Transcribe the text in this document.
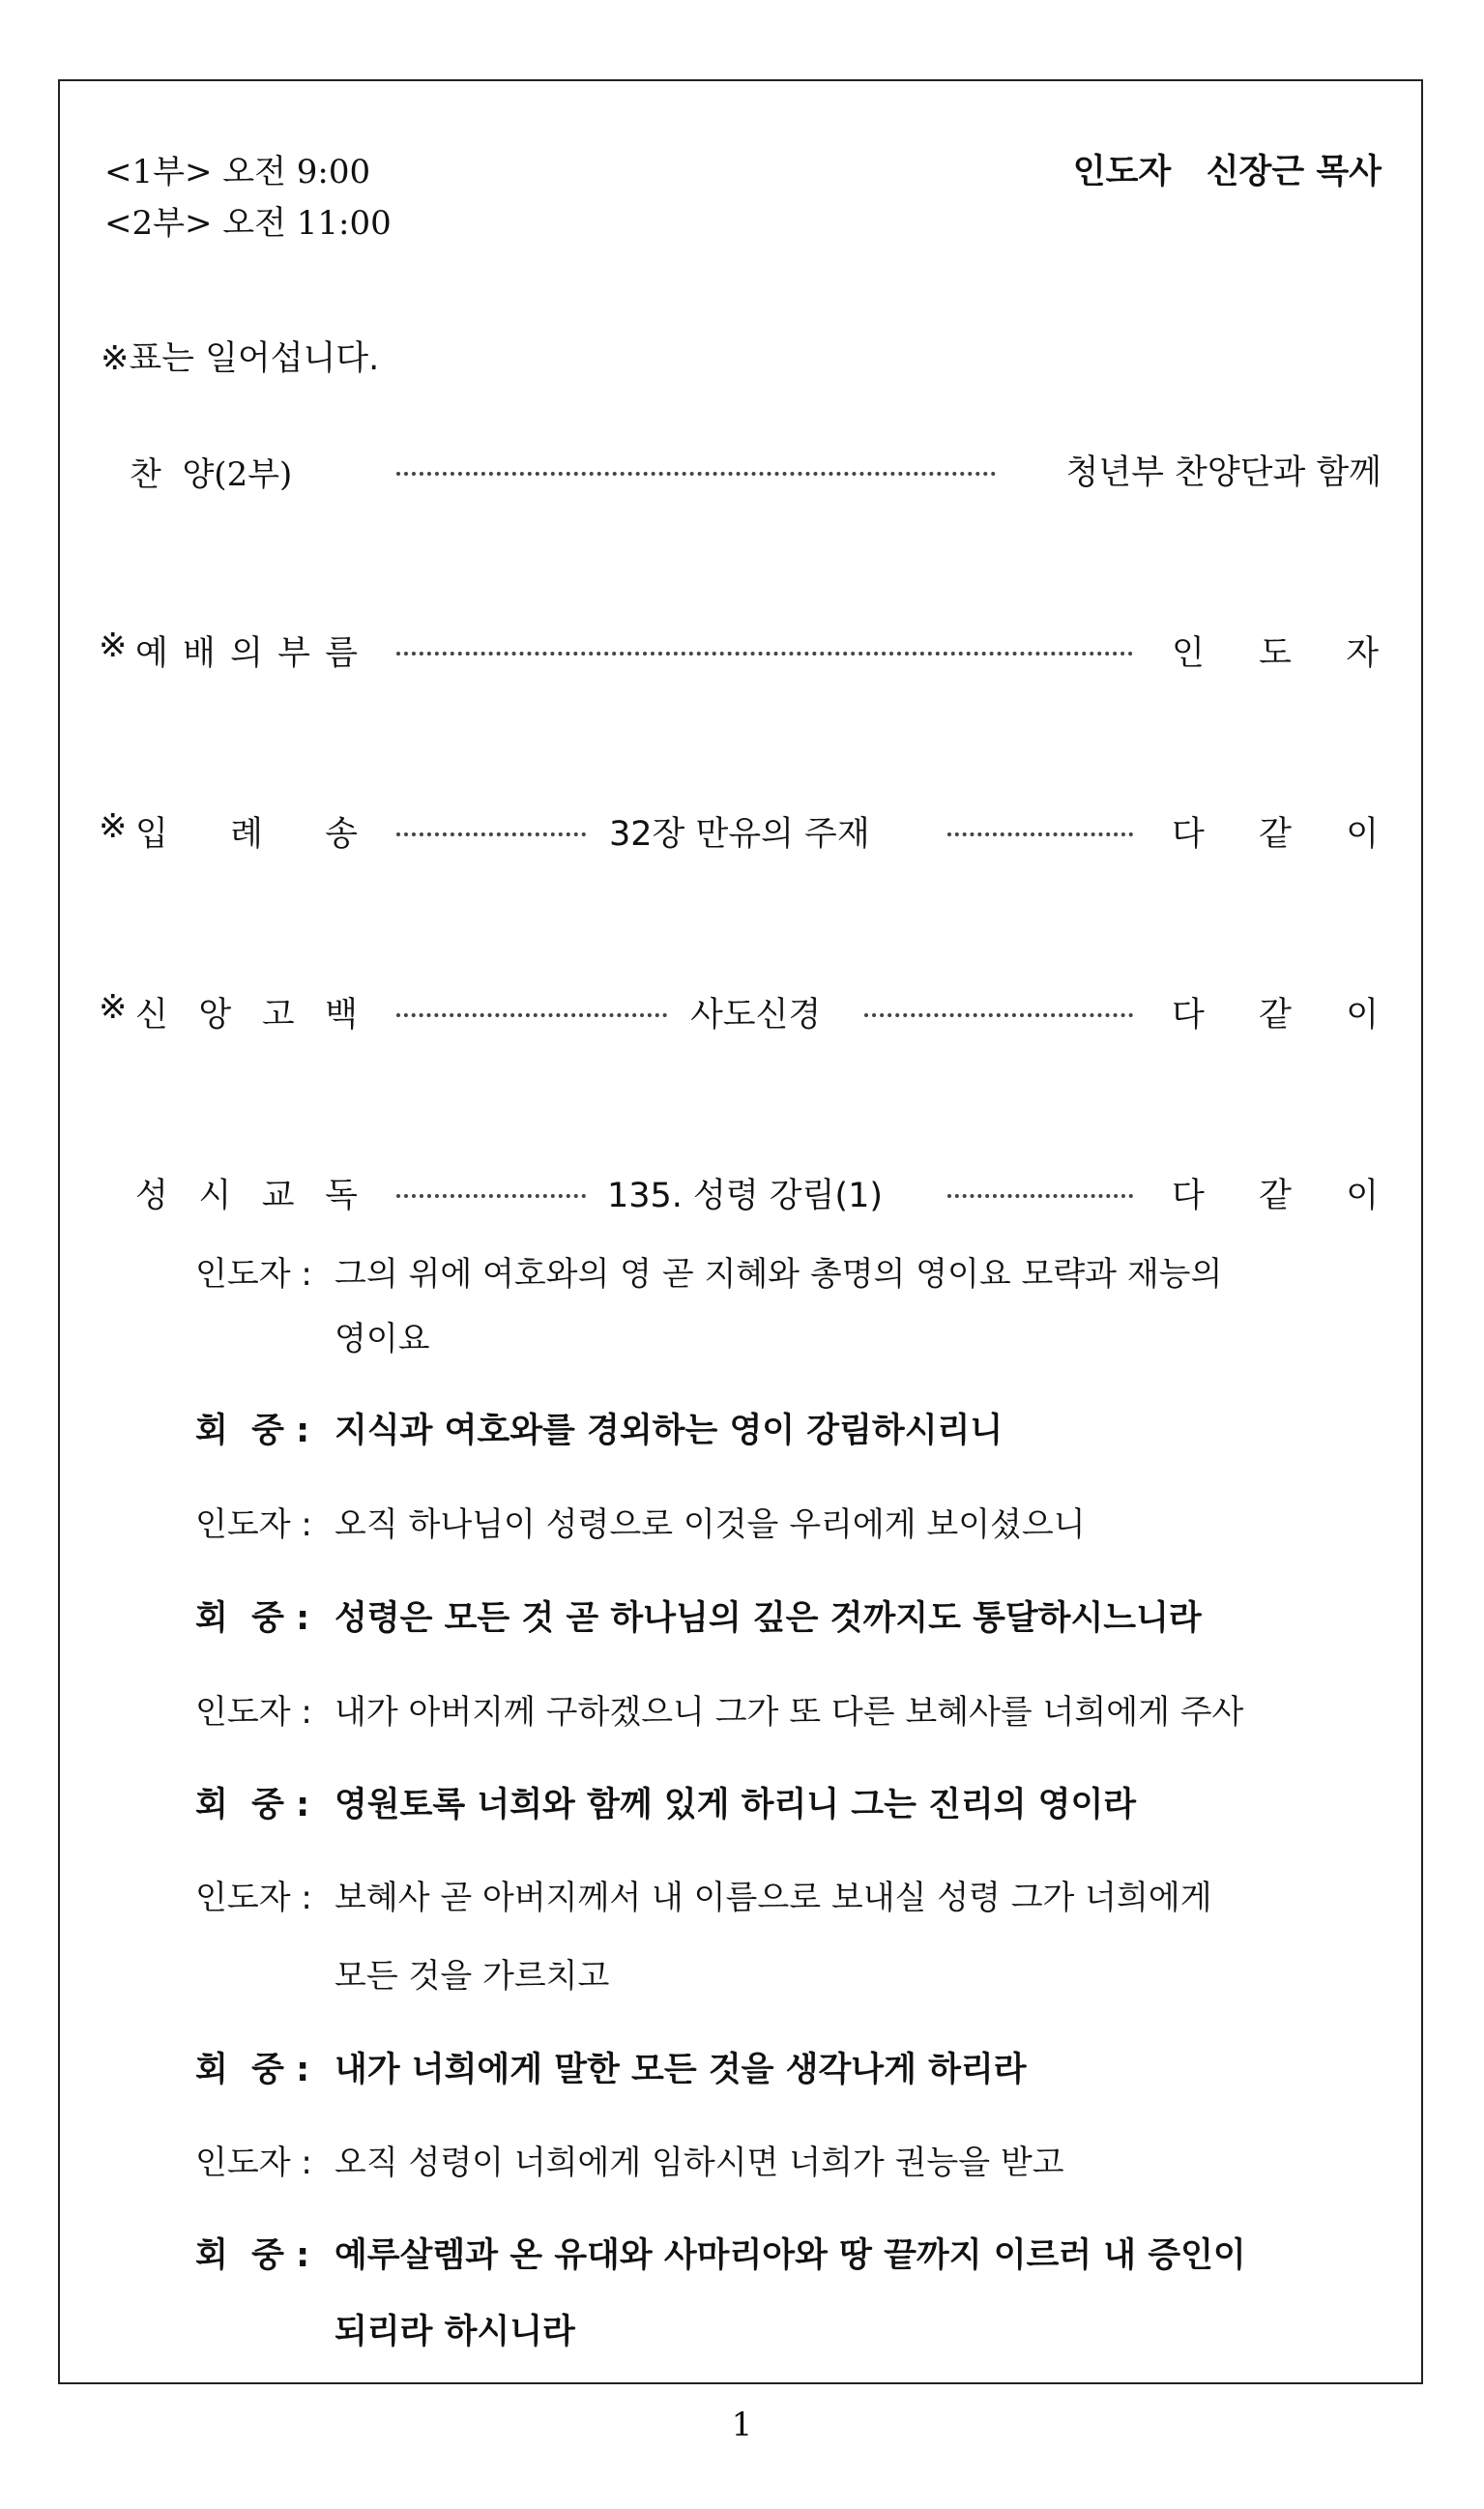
<1부> 오전 9:00
<2부> 오전 11:00
인도자   신장근 목사
※표는 일어섭니다.
찬  양(2부)	청년부 찬양단과 함께
※ 예 배 의 부 름	인 도 자
※ 입 례 송	32장 만유의 주재	다 같 이
※ 신 앙 고 백	사도신경	다 같 이
성 시 교 독	135. 성령 강림(1)	다 같 이
인도자 : 그의 위에 여호와의 영 곧 지혜와 총명의 영이요 모략과 재능의
영이요
회  중 : 지식과 여호와를 경외하는 영이 강림하시리니
인도자 : 오직 하나님이 성령으로 이것을 우리에게 보이셨으니
회  중 : 성령은 모든 것 곧 하나님의 깊은 것까지도 통달하시느니라
인도자 : 내가 아버지께 구하겠으니 그가 또 다른 보혜사를 너희에게 주사
회  중 : 영원토록 너희와 함께 있게 하리니 그는 진리의 영이라
인도자 : 보혜사 곧 아버지께서 내 이름으로 보내실 성령 그가 너희에게
모든 것을 가르치고
회  중 : 내가 너희에게 말한 모든 것을 생각나게 하리라
인도자 : 오직 성령이 너희에게 임하시면 너희가 권능을 받고
회  중 : 예루살렘과 온 유대와 사마리아와 땅 끝까지 이르러 내 증인이
되리라 하시니라
1
